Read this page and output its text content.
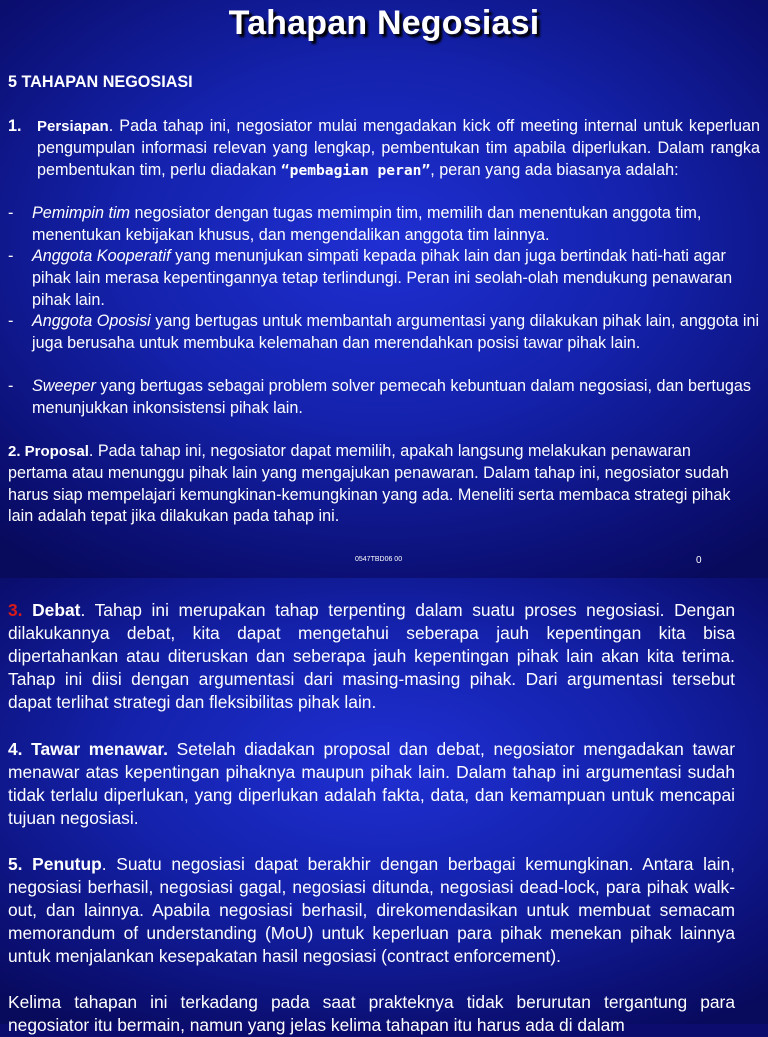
Tahapan Negosiasi
5 TAHAPAN NEGOSIASI
1. Persiapan. Pada tahap ini, negosiator mulai mengadakan kick off meeting internal untuk keperluan pengumpulan informasi relevan yang lengkap, pembentukan tim apabila diperlukan. Dalam rangka pembentukan tim, perlu diadakan “pembagian peran”, peran yang ada biasanya adalah:

- Pemimpin tim negosiator dengan tugas memimpin tim, memilih dan menentukan anggota tim, menentukan kebijakan khusus, dan mengendalikan anggota tim lainnya.

- Anggota Kooperatif yang menunjukan simpati kepada pihak lain dan juga bertindak hati-hati agar pihak lain merasa kepentingannya tetap terlindungi. Peran ini seolah-olah mendukung penawaran pihak lain.

- Anggota Oposisi yang bertugas untuk membantah argumentasi yang dilakukan pihak lain, anggota ini juga berusaha untuk membuka kelemahan dan merendahkan posisi tawar pihak lain.

- Sweeper yang bertugas sebagai problem solver pemecah kebuntuan dalam negosiasi, dan bertugas menunjukkan inkonsistensi pihak lain.

2. Proposal. Pada tahap ini, negosiator dapat memilih, apakah langsung melakukan penawaran pertama atau menunggu pihak lain yang mengajukan penawaran. Dalam tahap ini, negosiator sudah harus siap mempelajari kemungkinan-kemungkinan yang ada. Meneliti serta membaca strategi pihak lain adalah tepat jika dilakukan pada tahap ini.

0547TBD06 00	0

3. Debat. Tahap ini merupakan tahap terpenting dalam suatu proses negosiasi. Dengan dilakukannya debat, kita dapat mengetahui seberapa jauh kepentingan kita bisa dipertahankan atau diteruskan dan seberapa jauh kepentingan pihak lain akan kita terima. Tahap ini diisi dengan argumentasi dari masing-masing pihak. Dari argumentasi tersebut dapat terlihat strategi dan fleksibilitas pihak lain.

4. Tawar menawar. Setelah diadakan proposal dan debat, negosiator mengadakan tawar menawar atas kepentingan pihaknya maupun pihak lain. Dalam tahap ini argumentasi sudah tidak terlalu diperlukan, yang diperlukan adalah fakta, data, dan kemampuan untuk mencapai tujuan negosiasi.

5. Penutup. Suatu negosiasi dapat berakhir dengan berbagai kemungkinan. Antara lain, negosiasi berhasil, negosiasi gagal, negosiasi ditunda, negosiasi dead-lock, para pihak walk-out, dan lainnya. Apabila negosiasi berhasil, direkomendasikan untuk membuat semacam memorandum of understanding (MoU) untuk keperluan para pihak menekan pihak lainnya untuk menjalankan kesepakatan hasil negosiasi (contract enforcement).

Kelima tahapan ini terkadang pada saat prakteknya tidak berurutan tergantung para negosiator itu bermain, namun yang jelas kelima tahapan itu harus ada di dalam
